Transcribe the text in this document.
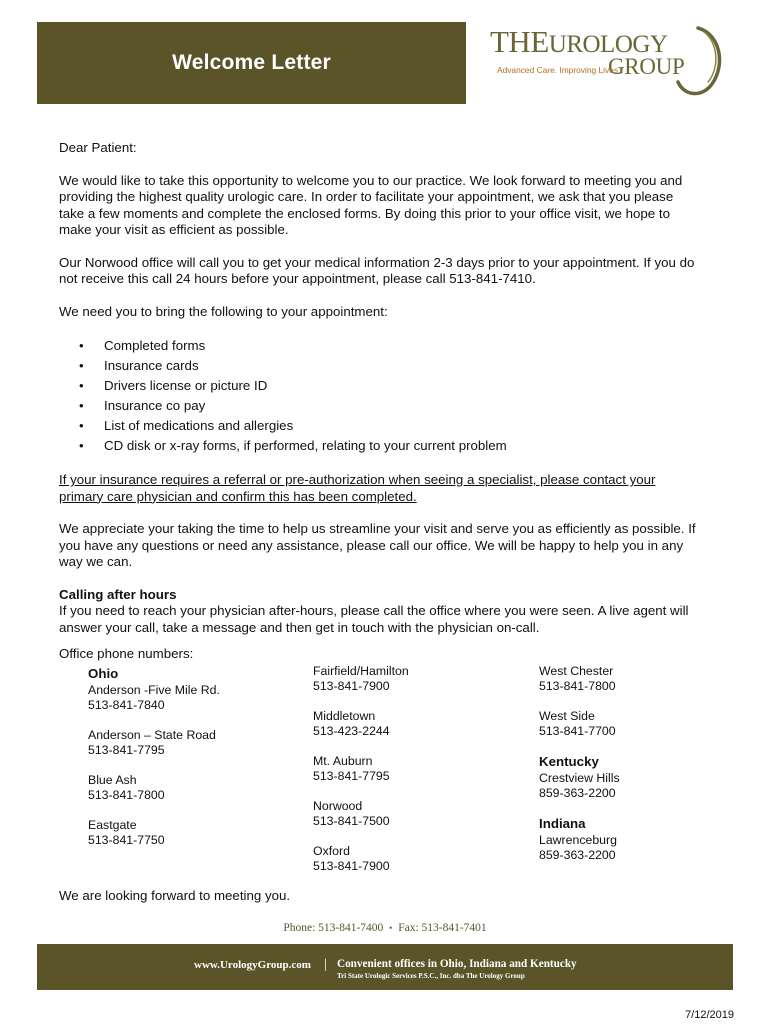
Welcome Letter
THEUROLOGY
GROUP
Advanced Care. Improving Lives.

Dear Patient:

We would like to take this opportunity to welcome you to our practice. We look forward to meeting you and providing the highest quality urologic care. In order to facilitate your appointment, we ask that you please take a few moments and complete the enclosed forms. By doing this prior to your office visit, we hope to make your visit as efficient as possible.

Our Norwood office will call you to get your medical information 2-3 days prior to your appointment. If you do not receive this call 24 hours before your appointment, please call 513-841-7410.

We need you to bring the following to your appointment:

• Completed forms
• Insurance cards
• Drivers license or picture ID
• Insurance co pay
• List of medications and allergies
• CD disk or x-ray forms, if performed, relating to your current problem

If your insurance requires a referral or pre-authorization when seeing a specialist, please contact your primary care physician and confirm this has been completed.

We appreciate your taking the time to help us streamline your visit and serve you as efficiently as possible. If you have any questions or need any assistance, please call our office. We will be happy to help you in any way we can.

Calling after hours

If you need to reach your physician after-hours, please call the office where you were seen. A live agent will answer your call, take a message and then get in touch with the physician on-call.

Office phone numbers:
Ohio
Anderson -Five Mile Rd.
513-841-7840
Anderson – State Road
513-841-7795
Blue Ash
513-841-7800
Eastgate
513-841-7750
Fairfield/Hamilton
513-841-7900
Middletown
513-423-2244
Mt. Auburn
513-841-7795
Norwood
513-841-7500
Oxford
513-841-7900
West Chester
513-841-7800
West Side
513-841-7700
Kentucky
Crestview Hills
859-363-2200
Indiana
Lawrenceburg
859-363-2200
We are looking forward to meeting you.
Phone: 513-841-7400 • Fax: 513-841-7401
www.UrologyGroup.com | Convenient offices in Ohio, Indiana and Kentucky
Tri State Urologic Services P.S.C., Inc. dba The Urology Group
7/12/2019
